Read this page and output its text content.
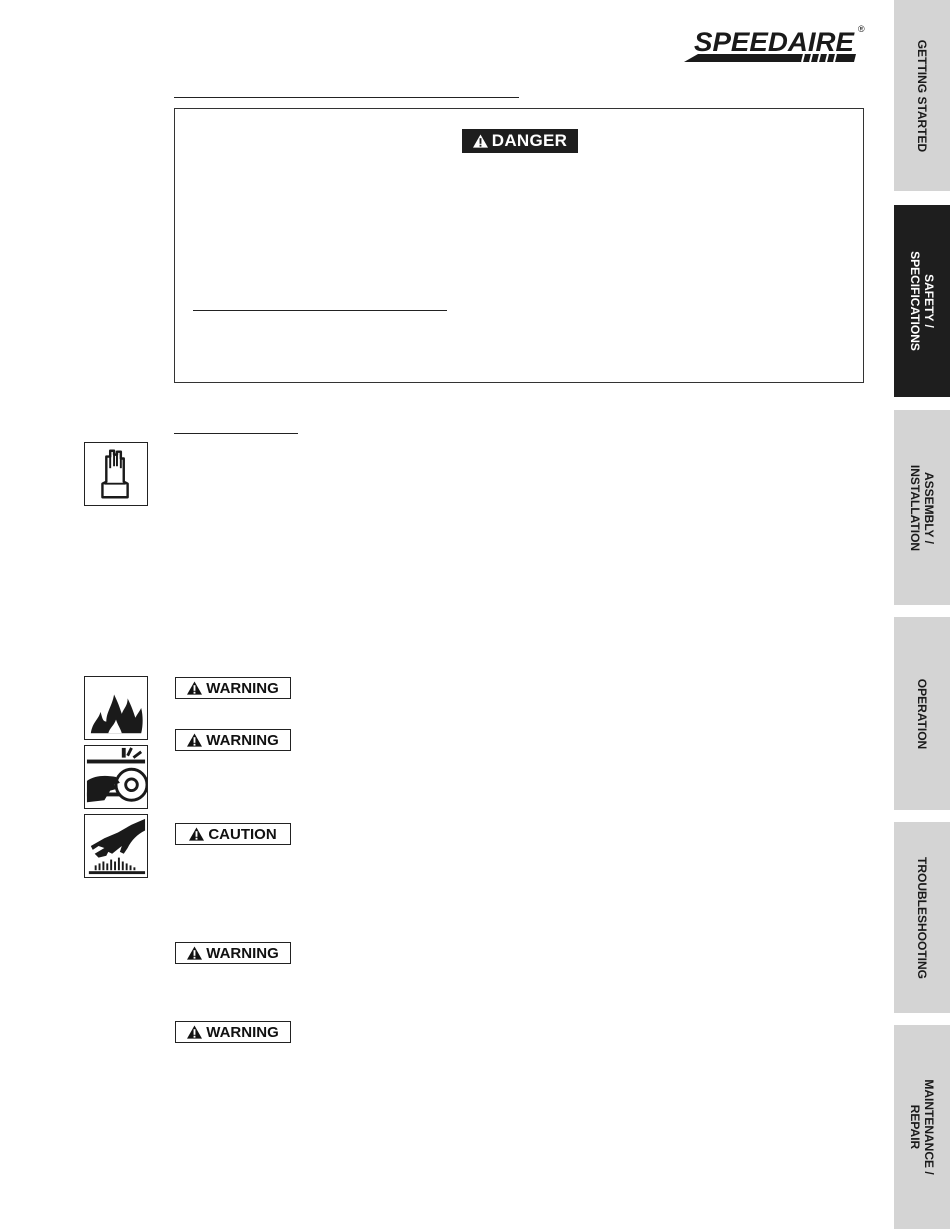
SPEEDAIRE ®
DANGER
WARNING
WARNING
CAUTION
WARNING
WARNING
GETTING STARTED
SAFETY /
SPECIFICATIONS
ASSEMBLY /
INSTALLATION
OPERATION
TROUBLESHOOTING
MAINTENANCE /
REPAIR
